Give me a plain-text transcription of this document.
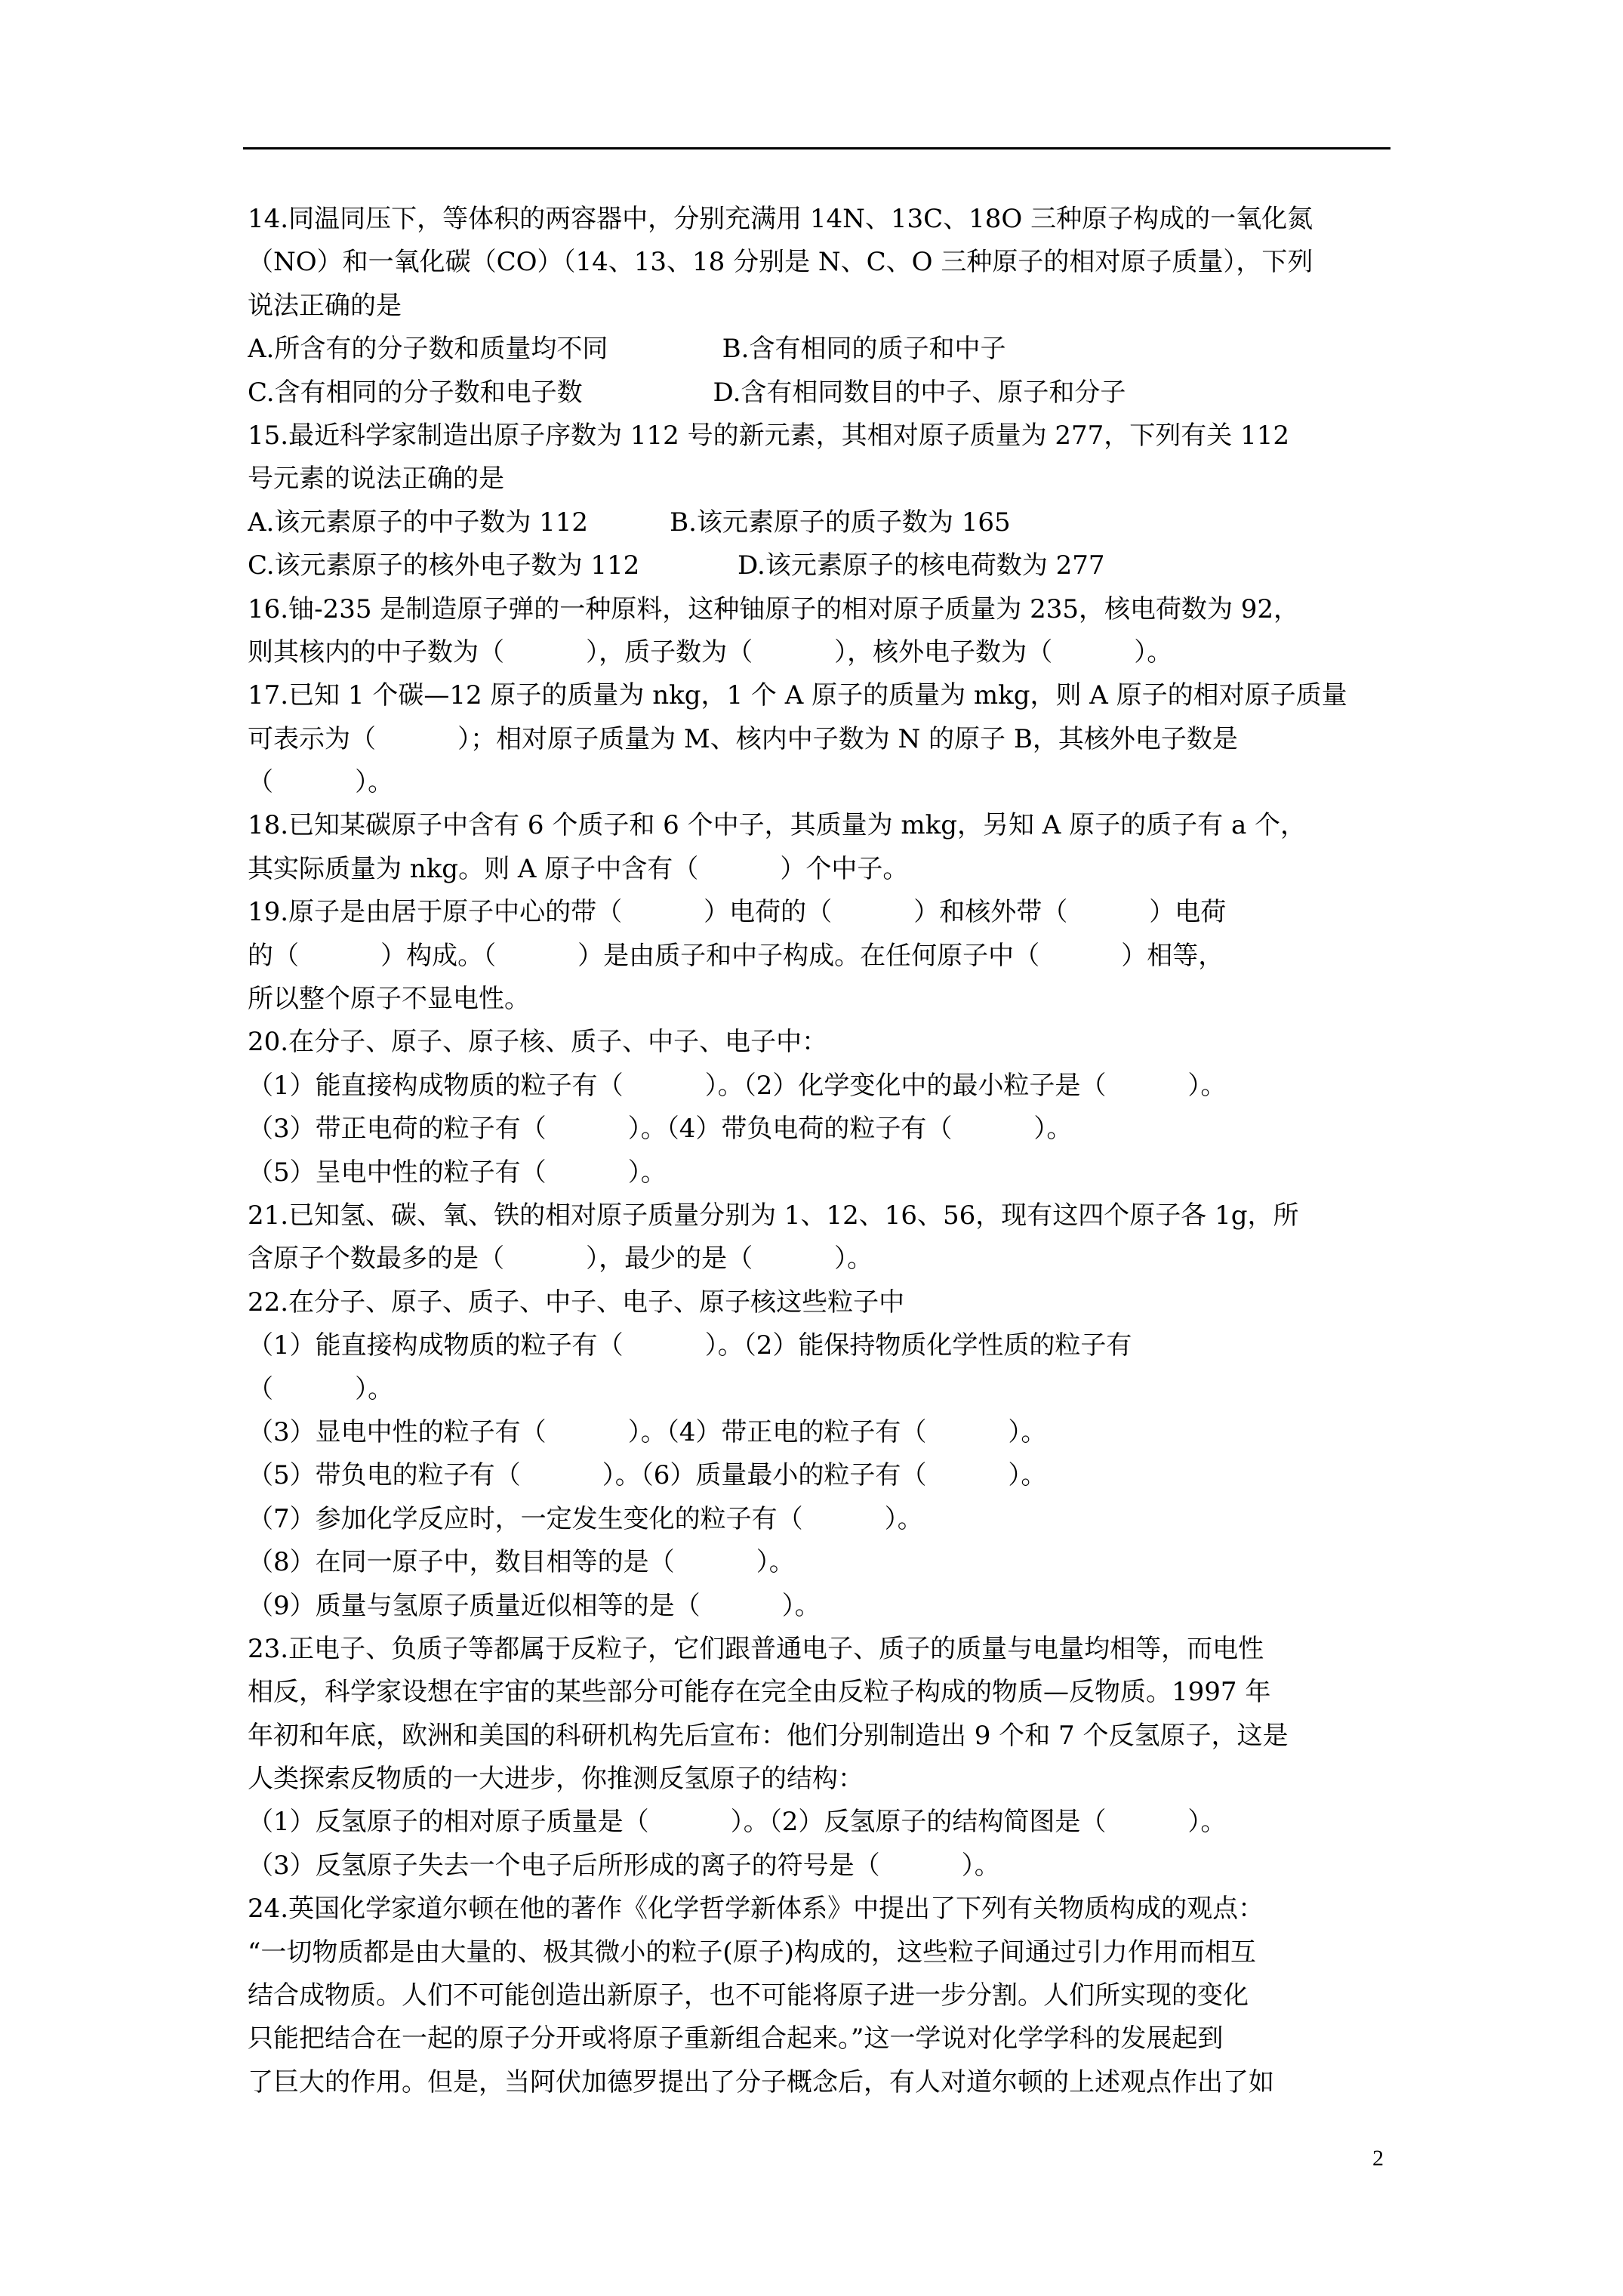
14.同温同压下，等体积的两容器中，分别充满用 14N、13C、18O 三种原子构成的一氧化氮
（NO）和一氧化碳（CO）（14、13、18 分别是 N、C、O 三种原子的相对原子质量），下列
说法正确的是
A.所含有的分子数和质量均不同              B.含有相同的质子和中子
C.含有相同的分子数和电子数                D.含有相同数目的中子、原子和分子
15.最近科学家制造出原子序数为 112 号的新元素，其相对原子质量为 277，下列有关 112
号元素的说法正确的是
A.该元素原子的中子数为 112          B.该元素原子的质子数为 165
C.该元素原子的核外电子数为 112            D.该元素原子的核电荷数为 277
16.铀-235 是制造原子弹的一种原料，这种铀原子的相对原子质量为 235，核电荷数为 92，
则其核内的中子数为（          ），质子数为（          ），核外电子数为（          ）。
17.已知 1 个碳—12 原子的质量为 nkg，1 个 A 原子的质量为 mkg，则 A 原子的相对原子质量
可表示为（          ）；相对原子质量为 M、核内中子数为 N 的原子 B，其核外电子数是
（          ）。
18.已知某碳原子中含有 6 个质子和 6 个中子，其质量为 mkg，另知 A 原子的质子有 a 个，
其实际质量为 nkg。则 A 原子中含有（          ）个中子。
19.原子是由居于原子中心的带（          ）电荷的（          ）和核外带（          ）电荷
的（          ）构成。（          ）是由质子和中子构成。在任何原子中（          ）相等，
所以整个原子不显电性。
20.在分子、原子、原子核、质子、中子、电子中：
（1）能直接构成物质的粒子有（          ）。（2）化学变化中的最小粒子是（          ）。
（3）带正电荷的粒子有（          ）。（4）带负电荷的粒子有（          ）。
（5）呈电中性的粒子有（          ）。
21.已知氢、碳、氧、铁的相对原子质量分别为 1、12、16、56，现有这四个原子各 1g，所
含原子个数最多的是（          ），最少的是（          ）。
22.在分子、原子、质子、中子、电子、原子核这些粒子中
（1）能直接构成物质的粒子有（          ）。（2）能保持物质化学性质的粒子有
（          ）。
（3）显电中性的粒子有（          ）。（4）带正电的粒子有（          ）。
（5）带负电的粒子有（          ）。（6）质量最小的粒子有（          ）。
（7）参加化学反应时，一定发生变化的粒子有（          ）。
（8）在同一原子中，数目相等的是（          ）。
（9）质量与氢原子质量近似相等的是（          ）。
23.正电子、负质子等都属于反粒子，它们跟普通电子、质子的质量与电量均相等，而电性
相反，科学家设想在宇宙的某些部分可能存在完全由反粒子构成的物质—反物质。1997 年
年初和年底，欧洲和美国的科研机构先后宣布：他们分别制造出 9 个和 7 个反氢原子，这是
人类探索反物质的一大进步，你推测反氢原子的结构：
（1）反氢原子的相对原子质量是（          ）。（2）反氢原子的结构简图是（          ）。
（3）反氢原子失去一个电子后所形成的离子的符号是（          ）。
24.英国化学家道尔顿在他的著作《化学哲学新体系》中提出了下列有关物质构成的观点：
“一切物质都是由大量的、极其微小的粒子(原子)构成的，这些粒子间通过引力作用而相互
结合成物质。人们不可能创造出新原子，也不可能将原子进一步分割。人们所实现的变化
只能把结合在一起的原子分开或将原子重新组合起来。”这一学说对化学学科的发展起到
了巨大的作用。但是，当阿伏加德罗提出了分子概念后，有人对道尔顿的上述观点作出了如
2
